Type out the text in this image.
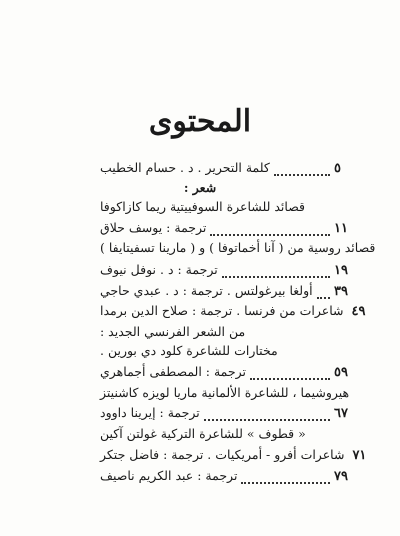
المحتوى
كلمة التحرير . د . حسام الخطيب	٥
شعر :
قصائد للشاعرة السوفييتية ريما كازاكوفا
ترجمة : يوسف حلاق	١١
قصائد روسية من ( آنا أخماتوفا ) و ( مارينا تسفيتايفا )
ترجمة : د . نوفل نيوف	١٩
أولغا بيرغولتس . ترجمة : د . عبدي حاجي ٣٩
شاعرات من فرنسا . ترجمة : صلاح الدين برمدا ٤٩
من الشعر الفرنسي الجديد :
مختارات للشاعرة كلود دي بورين .
ترجمة : المصطفى أجماهري	٥٩
هيروشيما ، للشاعرة الألمانية ماريا لويزه كاشنيتز
ترجمة : إيرينا داوود	٦٧
« قطوف » للشاعرة التركية غولتن آكين
شاعرات أفرو - أمريكيات . ترجمة : فاضل جتكر ٧١
ترجمة : عبد الكريم ناصيف	٧٩
